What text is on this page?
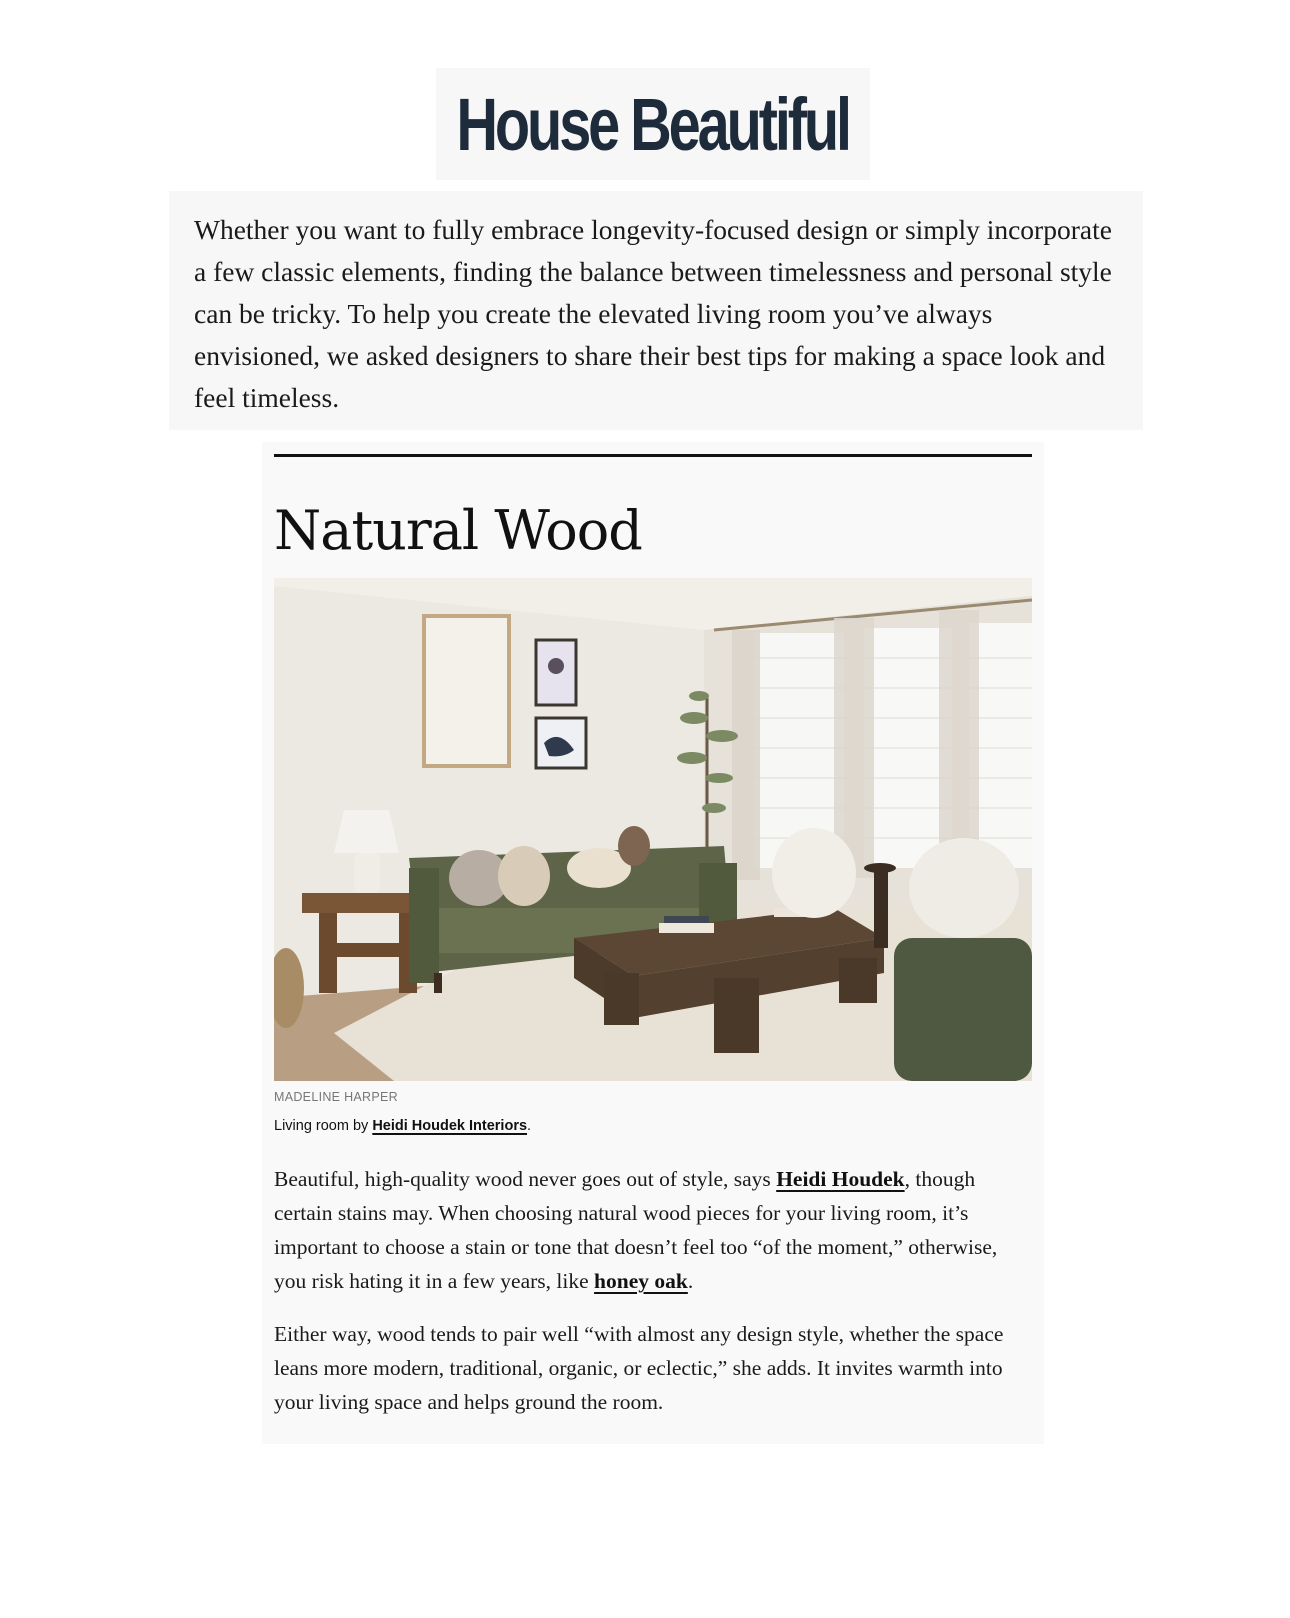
House Beautiful

Whether you want to fully embrace longevity-focused design or simply incorporate a few classic elements, finding the balance between timelessness and personal style can be tricky. To help you create the elevated living room you’ve always envisioned, we asked designers to share their best tips for making a space look and feel timeless.

Natural Wood
MADELINE HARPER
Living room by Heidi Houdek Interiors.

Beautiful, high-quality wood never goes out of style, says Heidi Houdek, though certain stains may. When choosing natural wood pieces for your living room, it’s important to choose a stain or tone that doesn’t feel too “of the moment,” otherwise, you risk hating it in a few years, like honey oak.

Either way, wood tends to pair well “with almost any design style, whether the space leans more modern, traditional, organic, or eclectic,” she adds. It invites warmth into your living space and helps ground the room.
